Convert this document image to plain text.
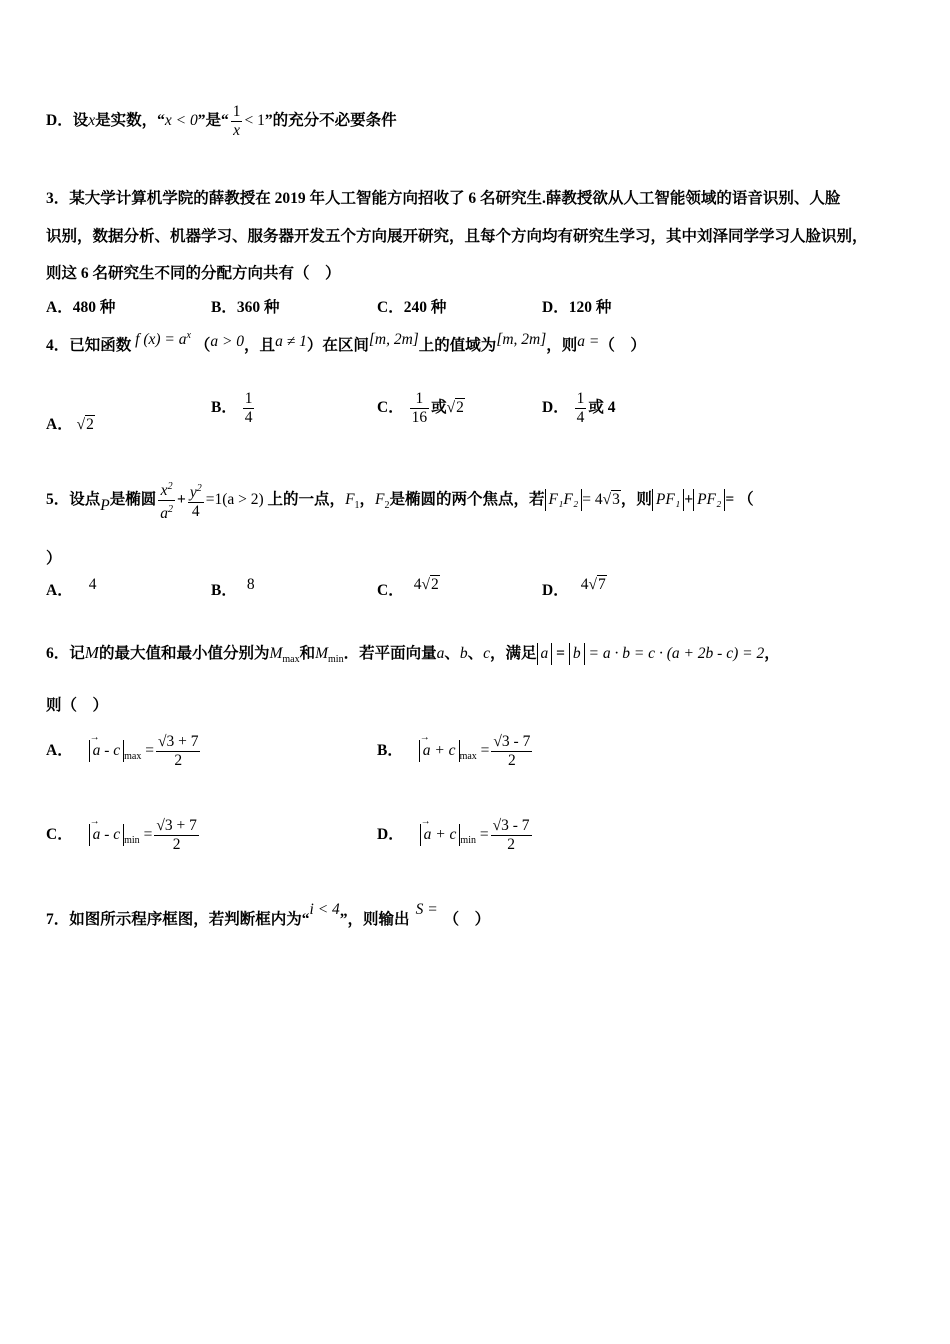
D．设x是实数，“x < 0”是“ $\frac{1}{x} < 1$”的充分不必要条件
3．某大学计算机学院的薛教授在 2019 年人工智能方向招收了 6 名研究生.薛教授欲从人工智能领域的语音识别、人脸
识别，数据分析、机器学习、服务器开发五个方向展开研究，且每个方向均有研究生学习，其中刘泽同学学习人脸识别，
则这 6 名研究生不同的分配方向共有（　）
A．480 种	B．360 种	C．240 种	D．120 种
4．已知函数 f $(x) = a^x$ （a > 0，且a ≠ 1）在区间[m, 2m]上的值域为[m, 2m]，则a =（　）
A． √2
B． $\frac{1}{4}$	C． $\frac{1}{16}$ 或√2	D． $\frac{1}{4}$ 或 4
5．设点P是椭圆 $\frac{x^2}{a^2} + \frac{y^2}{4} =1(a > 2)$ 上的一点，$F_1$，$F_2$是椭圆的两个焦点，若 F₁F₂ = 4√3，则 PF₁ + PF₂ = （
）
A． 4	B． 8	C． 4√2	D． 4√7
6．记M的最大值和最小值分别为$M_{max}$和$M_{min}$．若平面向量a、b、c，满足 a = b = a · b = c · (a + 2b - c) = 2，
则（　）
A． → a - c $_{max} = \frac{√3 + 7}{2}$	B． → a + c $_{max} = \frac{√3 - 7}{2}$
C． → a - c $_{min} = \frac{√3 + 7}{2}$	D． → a + c $_{min} = \frac{√3 - 7}{2}$
7．如图所示程序框图，若判断框内为“i < 4”，则输出S =（　）
